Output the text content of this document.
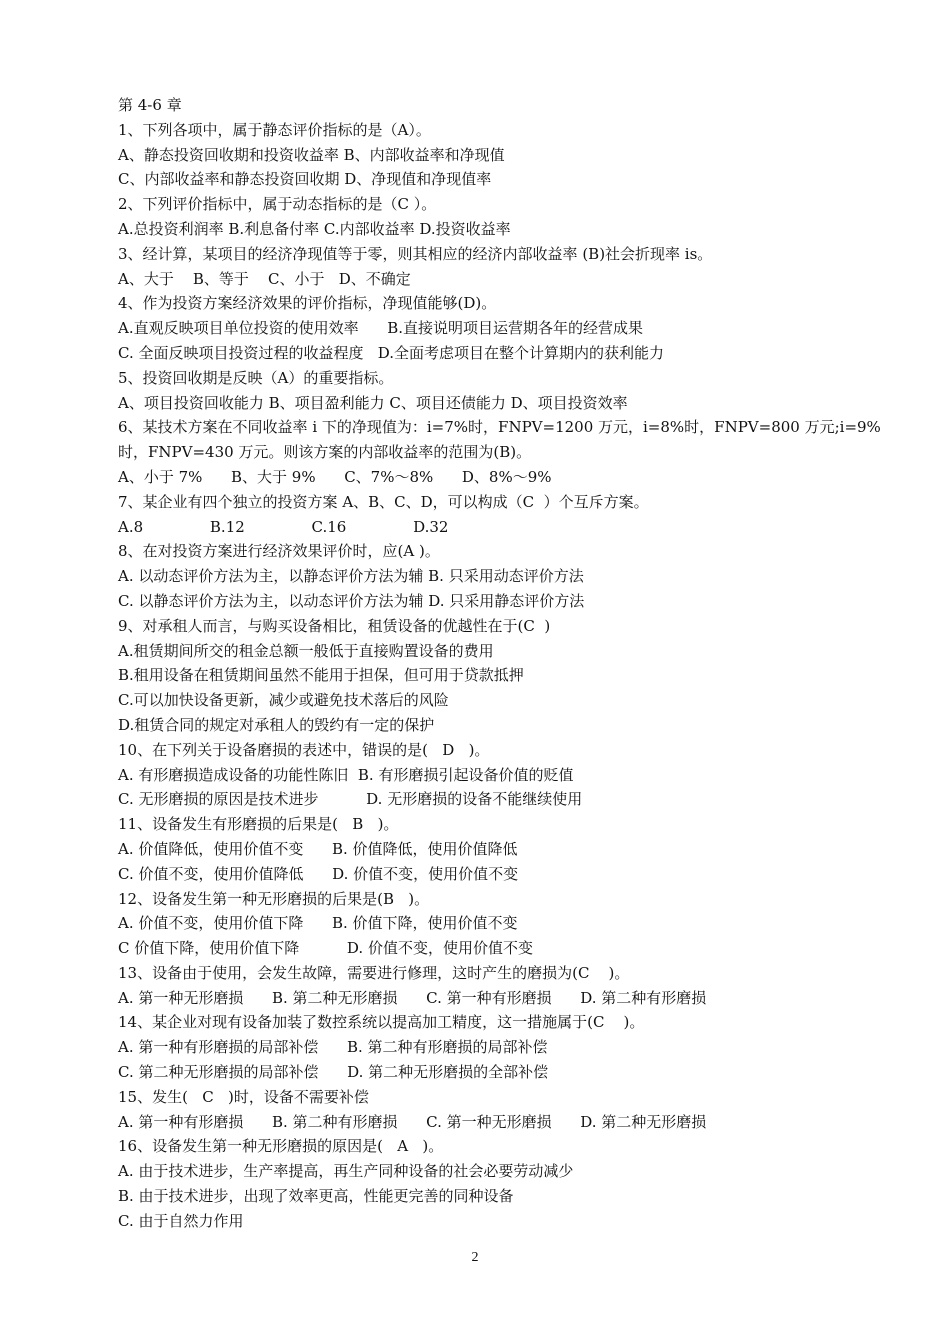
第 4-6 章
1、下列各项中，属于静态评价指标的是（A）。
A、静态投资回收期和投资收益率 B、内部收益率和净现值
C、内部收益率和静态投资回收期 D、净现值和净现值率
2、下列评价指标中，属于动态指标的是（C ）。
A.总投资利润率 B.利息备付率 C.内部收益率 D.投资收益率
3、经计算，某项目的经济净现值等于零，则其相应的经济内部收益率 (B)社会折现率 is。
A、大于    B、等于    C、小于   D、不确定
4、作为投资方案经济效果的评价指标，净现值能够(D)。
A.直观反映项目单位投资的使用效率      B.直接说明项目运营期各年的经营成果
C. 全面反映项目投资过程的收益程度   D.全面考虑项目在整个计算期内的获利能力
5、投资回收期是反映（A）的重要指标。
A、项目投资回收能力 B、项目盈利能力 C、项目还债能力 D、项目投资效率
6、某技术方案在不同收益率 i 下的净现值为：i=7%时，FNPV=1200 万元，i=8%时，FNPV=800 万元;i=9%
时，FNPV=430 万元。则该方案的内部收益率的范围为(B)。
A、小于 7%      B、大于 9%      C、7%～8%      D、8%～9%
7、某企业有四个独立的投资方案 A、B、C、D，可以构成（C  ）个互斥方案。
A.8              B.12              C.16              D.32
8、在对投资方案进行经济效果评价时，应(A )。
A. 以动态评价方法为主，以静态评价方法为辅 B. 只采用动态评价方法
C. 以静态评价方法为主，以动态评价方法为辅 D. 只采用静态评价方法
9、对承租人而言，与购买设备相比，租赁设备的优越性在于(C  )
A.租赁期间所交的租金总额一般低于直接购置设备的费用
B.租用设备在租赁期间虽然不能用于担保，但可用于贷款抵押
C.可以加快设备更新，减少或避免技术落后的风险
D.租赁合同的规定对承租人的毁约有一定的保护
10、在下列关于设备磨损的表述中，错误的是(   D   )。
A. 有形磨损造成设备的功能性陈旧  B. 有形磨损引起设备价值的贬值
C. 无形磨损的原因是技术进步          D. 无形磨损的设备不能继续使用
11、设备发生有形磨损的后果是(   B   )。
A. 价值降低，使用价值不变      B. 价值降低，使用价值降低
C. 价值不变，使用价值降低      D. 价值不变，使用价值不变
12、设备发生第一种无形磨损的后果是(B   )。
A. 价值不变，使用价值下降      B. 价值下降，使用价值不变
C 价值下降，使用价值下降          D. 价值不变，使用价值不变
13、设备由于使用，会发生故障，需要进行修理，这时产生的磨损为(C    )。
A. 第一种无形磨损      B. 第二种无形磨损      C. 第一种有形磨损      D. 第二种有形磨损
14、某企业对现有设备加装了数控系统以提高加工精度，这一措施属于(C    )。
A. 第一种有形磨损的局部补偿      B. 第二种有形磨损的局部补偿
C. 第二种无形磨损的局部补偿      D. 第二种无形磨损的全部补偿
15、发生(   C   )时，设备不需要补偿
A. 第一种有形磨损      B. 第二种有形磨损      C. 第一种无形磨损      D. 第二种无形磨损
16、设备发生第一种无形磨损的原因是(   A   )。
A. 由于技术进步，生产率提高，再生产同种设备的社会必要劳动减少
B. 由于技术进步，出现了效率更高，性能更完善的同种设备
C. 由于自然力作用
2
